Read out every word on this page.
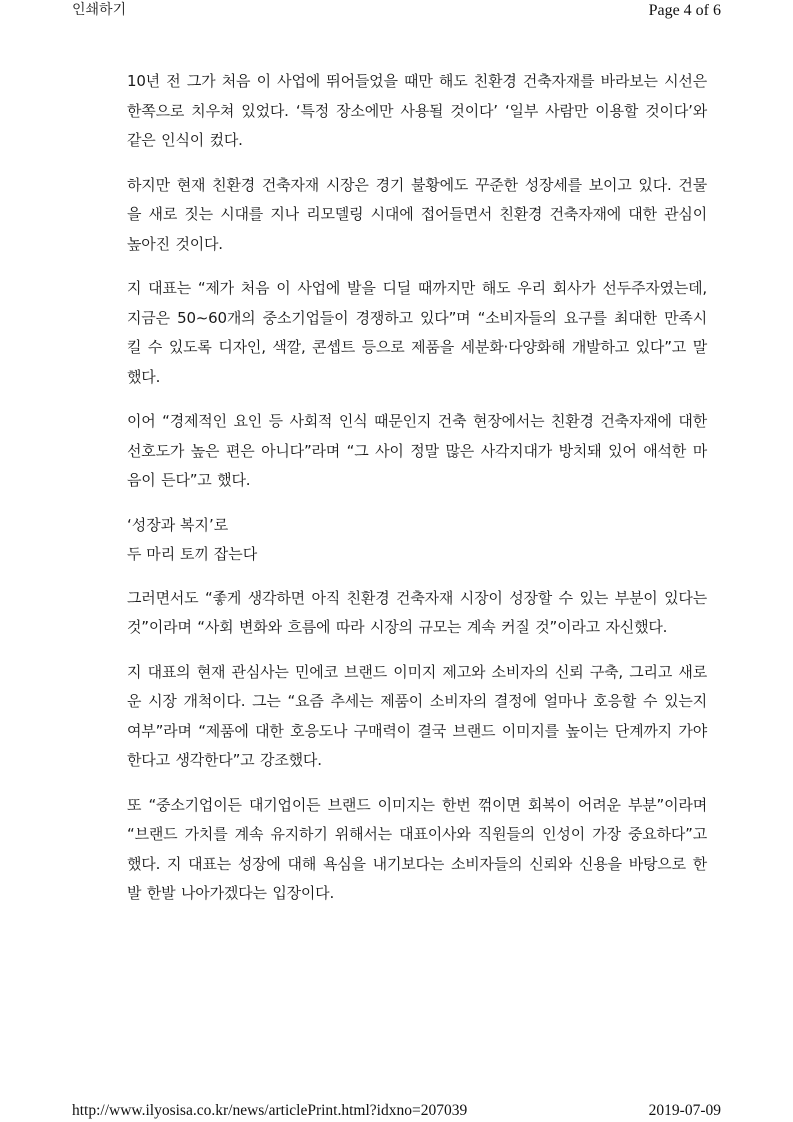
인쇄하기	Page 4 of 6

10년 전 그가 처음 이 사업에 뛰어들었을 때만 해도 친환경 건축자재를 바라보는 시선은 한쪽으로 치우쳐 있었다. ‘특정 장소에만 사용될 것이다’ ‘일부 사람만 이용할 것이다’와 같은 인식이 컸다.

하지만 현재 친환경 건축자재 시장은 경기 불황에도 꾸준한 성장세를 보이고 있다. 건물을 새로 짓는 시대를 지나 리모델링 시대에 접어들면서 친환경 건축자재에 대한 관심이 높아진 것이다.

지 대표는 “제가 처음 이 사업에 발을 디딜 때까지만 해도 우리 회사가 선두주자였는데, 지금은 50∼60개의 중소기업들이 경쟁하고 있다”며 “소비자들의 요구를 최대한 만족시킬 수 있도록 디자인, 색깔, 콘셉트 등으로 제품을 세분화·다양화해 개발하고 있다”고 말했다.

이어 “경제적인 요인 등 사회적 인식 때문인지 건축 현장에서는 친환경 건축자재에 대한 선호도가 높은 편은 아니다”라며 “그 사이 정말 많은 사각지대가 방치돼 있어 애석한 마음이 든다”고 했다.

‘성장과 복지’로
두 마리 토끼 잡는다

그러면서도 “좋게 생각하면 아직 친환경 건축자재 시장이 성장할 수 있는 부분이 있다는 것”이라며 “사회 변화와 흐름에 따라 시장의 규모는 계속 커질 것”이라고 자신했다.

지 대표의 현재 관심사는 민에코 브랜드 이미지 제고와 소비자의 신뢰 구축, 그리고 새로운 시장 개척이다. 그는 “요즘 추세는 제품이 소비자의 결정에 얼마나 호응할 수 있는지 여부”라며 “제품에 대한 호응도나 구매력이 결국 브랜드 이미지를 높이는 단계까지 가야 한다고 생각한다”고 강조했다.

또 “중소기업이든 대기업이든 브랜드 이미지는 한번 꺾이면 회복이 어려운 부분”이라며 “브랜드 가치를 계속 유지하기 위해서는 대표이사와 직원들의 인성이 가장 중요하다”고 했다. 지 대표는 성장에 대해 욕심을 내기보다는 소비자들의 신뢰와 신용을 바탕으로 한발 한발 나아가겠다는 입장이다.

http://www.ilyosisa.co.kr/news/articlePrint.html?idxno=207039	2019-07-09
